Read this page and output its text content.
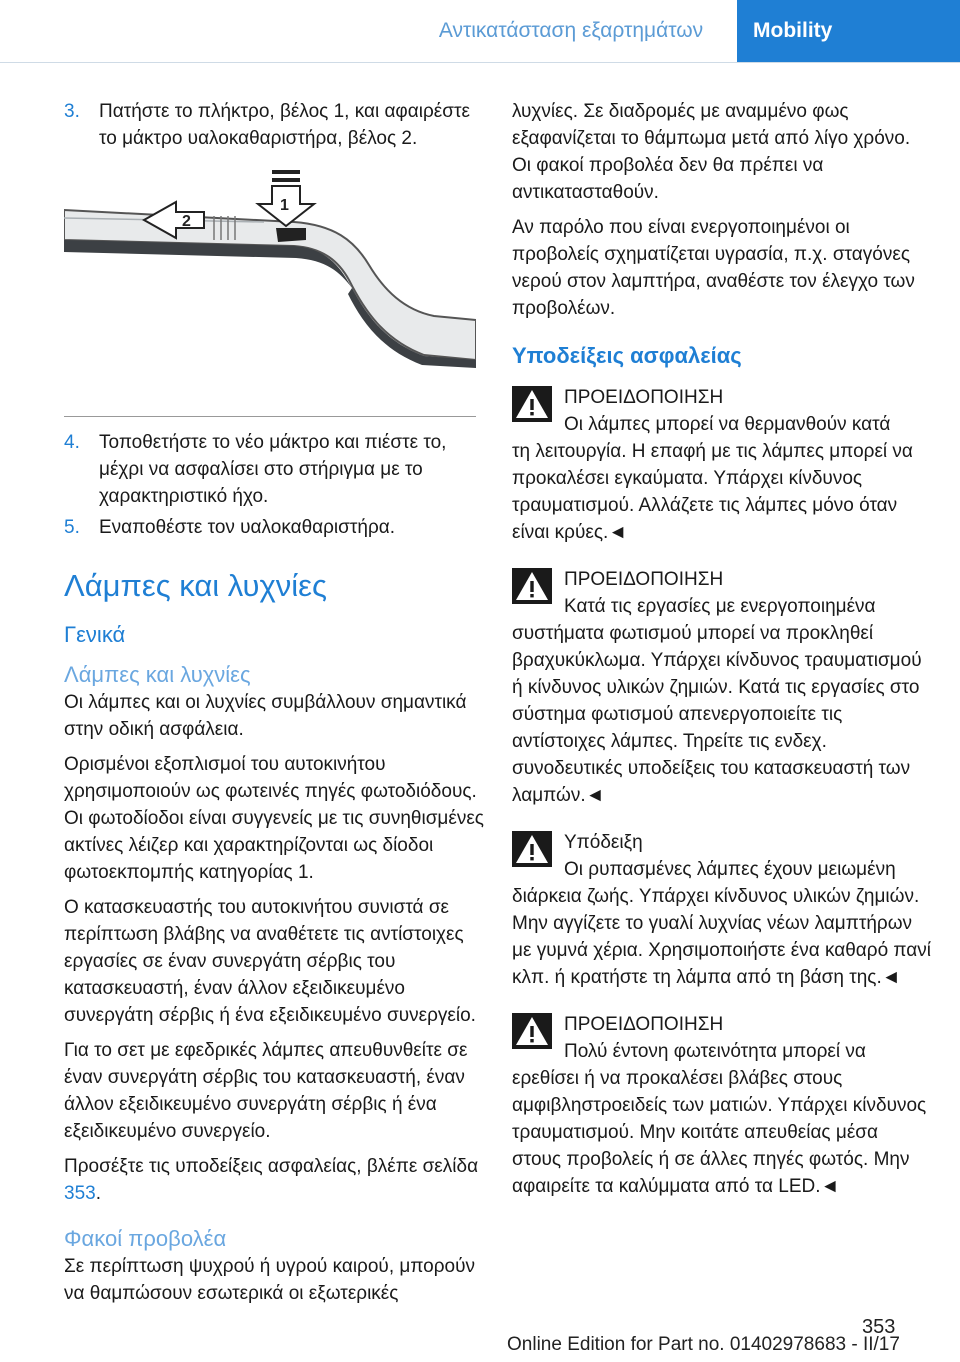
Αντικατάσταση εξαρτημάτων	Mobility
3.	Πατήστε το πλήκτρο, βέλος 1, και αφαιρέστε το μάκτρο υαλοκαθαριστήρα, βέλος 2.
2
1
4.	Τοποθετήστε το νέο μάκτρο και πιέστε το, μέχρι να ασφαλίσει στο στήριγμα με το χαρακτηριστικό ήχο.
5.	Εναποθέστε τον υαλοκαθαριστήρα.
Λάμπες και λυχνίες
Γενικά
Λάμπες και λυχνίες

Οι λάμπες και οι λυχνίες συμβάλλουν σημαντικά στην οδική ασφάλεια.

Ορισμένοι εξοπλισμοί του αυτοκινήτου χρησιμοποιούν ως φωτεινές πηγές φωτοδιόδους. Οι φωτοδίοδοι είναι συγγενείς με τις συνηθισμένες ακτίνες λέιζερ και χαρακτηρίζονται ως δίοδοι φωτοεκπομπής κατηγορίας 1.

Ο κατασκευαστής του αυτοκινήτου συνιστά σε περίπτωση βλάβης να αναθέτετε τις αντίστοιχες εργασίες σε έναν συνεργάτη σέρβις του κατασκευαστή, έναν άλλον εξειδικευμένο συνεργάτη σέρβις ή ένα εξειδικευμένο συνεργείο.

Για το σετ με εφεδρικές λάμπες απευθυνθείτε σε έναν συνεργάτη σέρβις του κατασκευαστή, έναν άλλον εξειδικευμένο συνεργάτη σέρβις ή ένα εξειδικευμένο συνεργείο.

Προσέξτε τις υποδείξεις ασφαλείας, βλέπε σελίδα 353.

Φακοί προβολέα

Σε περίπτωση ψυχρού ή υγρού καιρού, μπορούν να θαμπώσουν εσωτερικά οι εξωτερικές

λυχνίες. Σε διαδρομές με αναμμένο φως εξαφανίζεται το θάμπωμα μετά από λίγο χρόνο. Οι φακοί προβολέα δεν θα πρέπει να αντικατασταθούν.

Αν παρόλο που είναι ενεργοποιημένοι οι προβολείς σχηματίζεται υγρασία, π.χ. σταγόνες νερού στον λαμπτήρα, αναθέστε τον έλεγχο των προβολέων.

Υποδείξεις ασφαλείας
ΠΡΟΕΙΔΟΠΟΙΗΣΗ
Οι λάμπες μπορεί να θερμανθούν κατά
τη λειτουργία. Η επαφή με τις λάμπες μπορεί να προκαλέσει εγκαύματα. Υπάρχει κίνδυνος τραυματισμού. Αλλάζετε τις λάμπες μόνο όταν είναι κρύες.◄
ΠΡΟΕΙΔΟΠΟΙΗΣΗ
Κατά τις εργασίες με ενεργοποιημένα
συστήματα φωτισμού μπορεί να προκληθεί βραχυκύκλωμα. Υπάρχει κίνδυνος τραυματισμού ή κίνδυνος υλικών ζημιών. Κατά τις εργασίες στο σύστημα φωτισμού απενεργοποιείτε τις αντίστοιχες λάμπες. Τηρείτε τις ενδεχ. συνοδευτικές υποδείξεις του κατασκευαστή των λαμπών.◄
Υπόδειξη
Οι ρυπασμένες λάμπες έχουν μειωμένη
διάρκεια ζωής. Υπάρχει κίνδυνος υλικών ζημιών. Μην αγγίζετε το γυαλί λυχνίας νέων λαμπτήρων με γυμνά χέρια. Χρησιμοποιήστε ένα καθαρό πανί κλπ. ή κρατήστε τη λάμπα από τη βάση της.◄
ΠΡΟΕΙΔΟΠΟΙΗΣΗ
Πολύ έντονη φωτεινότητα μπορεί να
ερεθίσει ή να προκαλέσει βλάβες στους αμφιβληστροειδείς των ματιών. Υπάρχει κίνδυνος τραυματισμού. Μην κοιτάτε απευθείας μέσα στους προβολείς ή σε άλλες πηγές φωτός. Μην αφαιρείτε τα καλύμματα από τα LED.◄
353
Online Edition for Part no. 01402978683 - II/17
